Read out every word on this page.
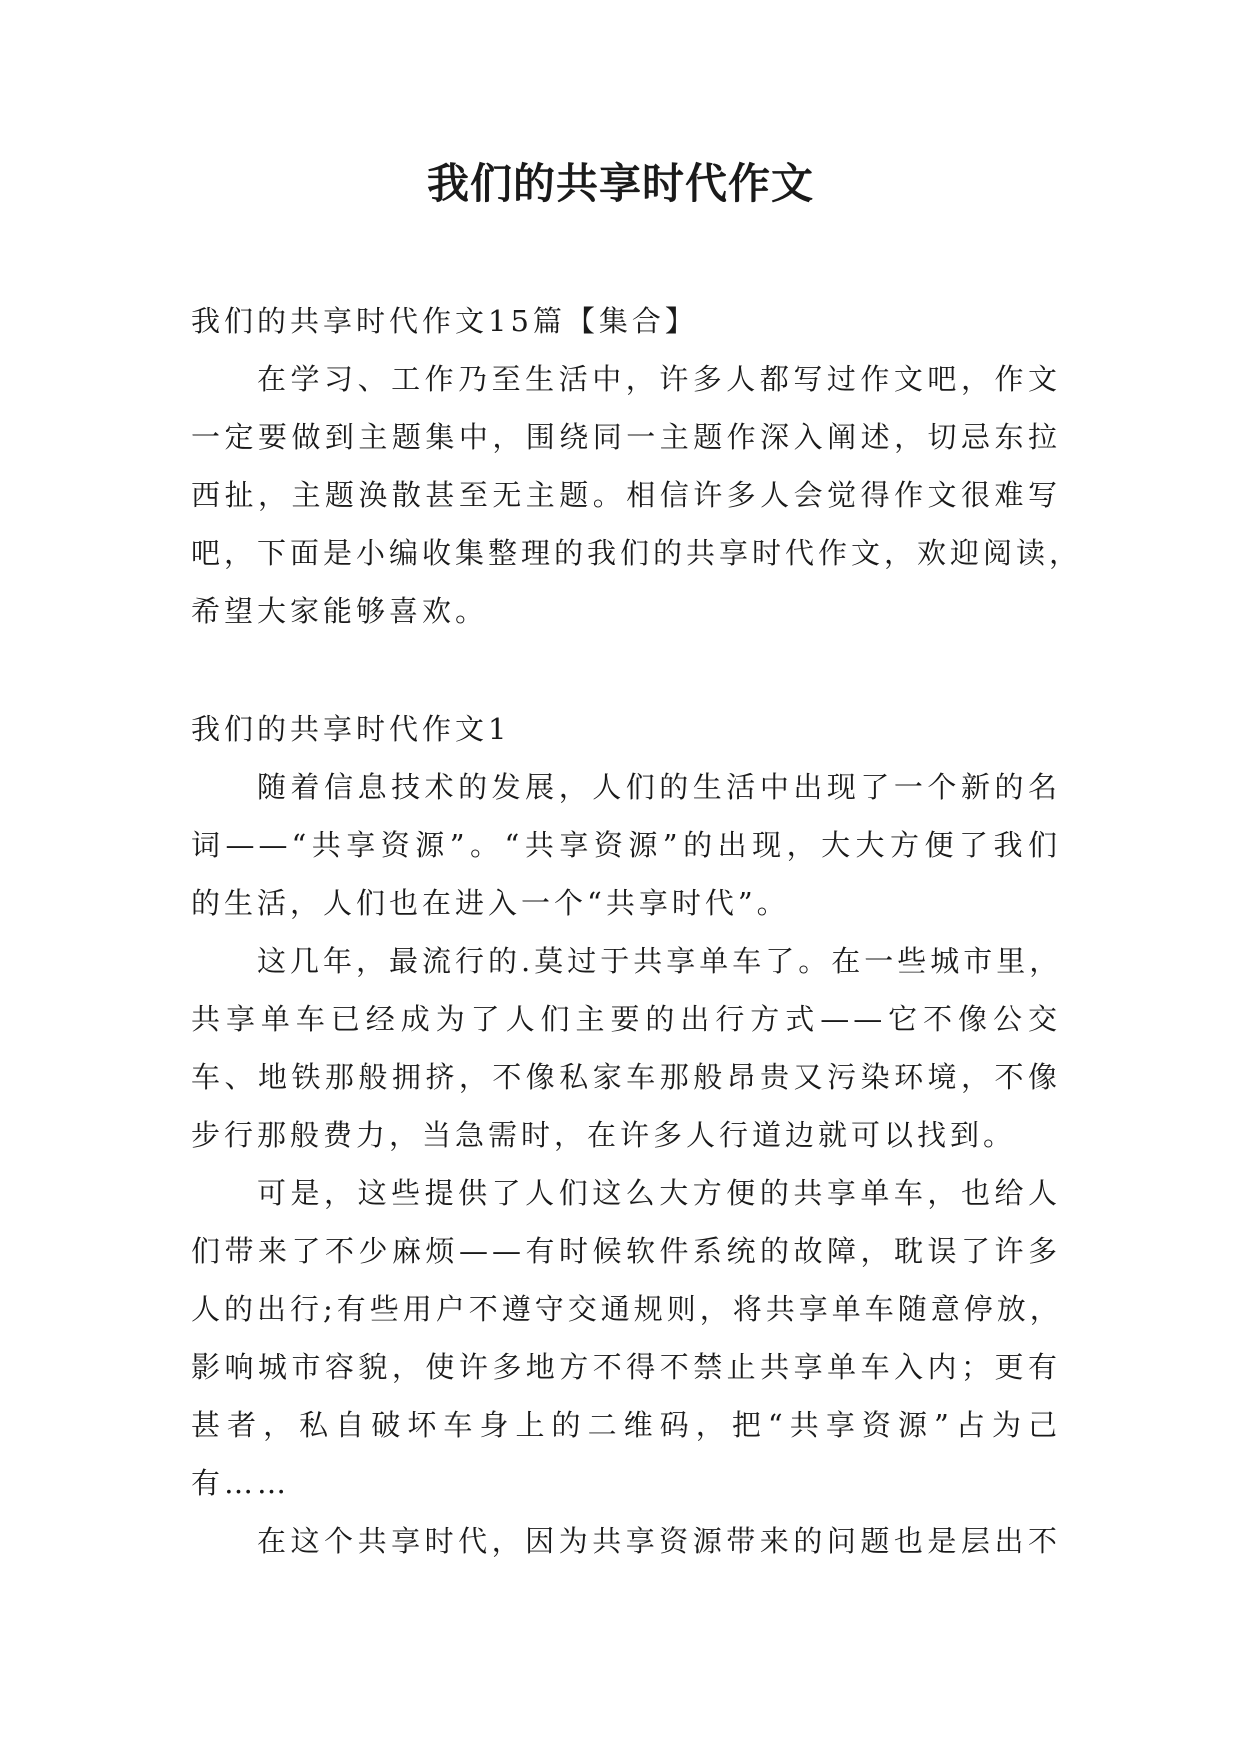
我们的共享时代作文

我们的共享时代作文15篇【集合】

在学习、工作乃至生活中，许多人都写过作文吧，作文

一定要做到主题集中，围绕同一主题作深入阐述，切忌东拉

西扯，主题涣散甚至无主题。相信许多人会觉得作文很难写

吧，下面是小编收集整理的我们的共享时代作文，欢迎阅读，

希望大家能够喜欢。

我们的共享时代作文1

随着信息技术的发展，人们的生活中出现了一个新的名

词——“共享资源”。“共享资源”的出现，大大方便了我们

的生活，人们也在进入一个“共享时代”。

这几年，最流行的.莫过于共享单车了。在一些城市里，

共享单车已经成为了人们主要的出行方式——它不像公交

车、地铁那般拥挤，不像私家车那般昂贵又污染环境，不像

步行那般费力，当急需时，在许多人行道边就可以找到。

可是，这些提供了人们这么大方便的共享单车，也给人

们带来了不少麻烦——有时候软件系统的故障，耽误了许多

人的出行;有些用户不遵守交通规则，将共享单车随意停放，

影响城市容貌，使许多地方不得不禁止共享单车入内；更有

甚者，私自破坏车身上的二维码，把“共享资源”占为己

有……

在这个共享时代，因为共享资源带来的问题也是层出不
